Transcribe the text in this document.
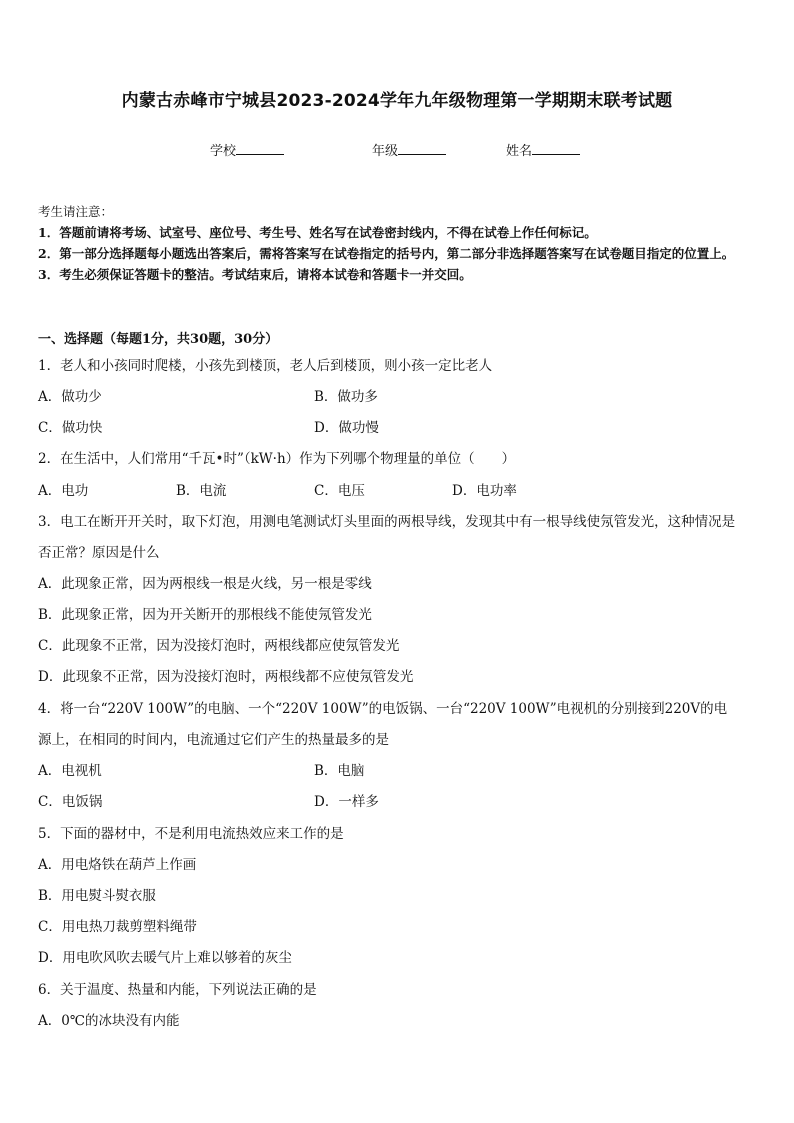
内蒙古赤峰市宁城县2023-2024学年九年级物理第一学期期末联考试题
学校	年级	姓名
考生请注意：
1．答题前请将考场、试室号、座位号、考生号、姓名写在试卷密封线内，不得在试卷上作任何标记。
2．第一部分选择题每小题选出答案后，需将答案写在试卷指定的括号内，第二部分非选择题答案写在试卷题目指定的位置上。
3．考生必须保证答题卡的整洁。考试结束后，请将本试卷和答题卡一并交回。
一、选择题（每题1分，共30题，30分）
1．老人和小孩同时爬楼，小孩先到楼顶，老人后到楼顶，则小孩一定比老人
A．做功少	B．做功多
C．做功快	D．做功慢
2．在生活中，人们常用“千瓦•时”（kW·h）作为下列哪个物理量的单位（　　）
A．电功	B．电流	C．电压	D．电功率
3．电工在断开开关时，取下灯泡，用测电笔测试灯头里面的两根导线，发现其中有一根导线使氖管发光，这种情况是
否正常？原因是什么
A．此现象正常，因为两根线一根是火线，另一根是零线
B．此现象正常，因为开关断开的那根线不能使氖管发光
C．此现象不正常，因为没接灯泡时，两根线都应使氖管发光
D．此现象不正常，因为没接灯泡时，两根线都不应使氖管发光
4．将一台“220V 100W”的电脑、一个“220V 100W”的电饭锅、一台“220V 100W”电视机的分别接到220V的电
源上，在相同的时间内，电流通过它们产生的热量最多的是
A．电视机	B．电脑
C．电饭锅	D．一样多
5．下面的器材中，不是利用电流热效应来工作的是
A．用电烙铁在葫芦上作画
B．用电熨斗熨衣服
C．用电热刀裁剪塑料绳带
D．用电吹风吹去暖气片上难以够着的灰尘
6．关于温度、热量和内能，下列说法正确的是
A．0℃的冰块没有内能
